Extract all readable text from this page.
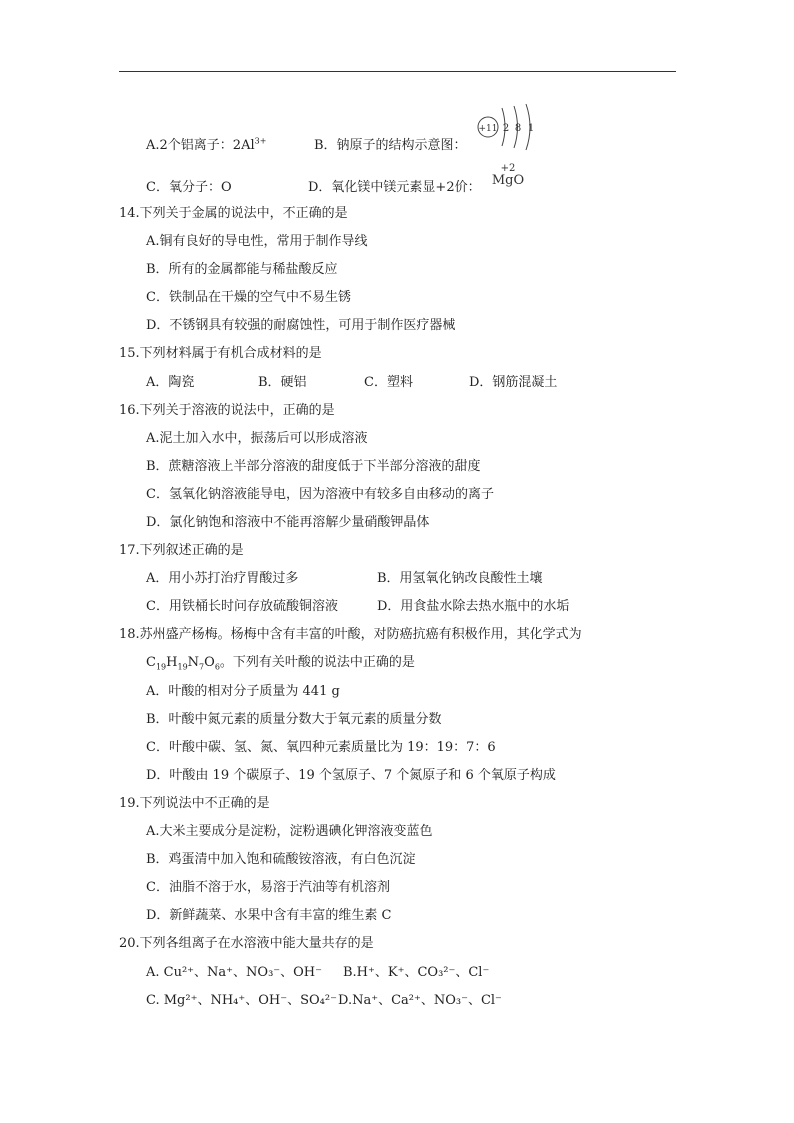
A.2个铝离子：$2Al^{3+}$	B．钠原子的结构示意图：
+11 2 8 1
C．氧分子：O	D．氧化镁中镁元素显+2价：
+2
MgO
14.下列关于金属的说法中，不正确的是
A.铜有良好的导电性，常用于制作导线
B．所有的金属都能与稀盐酸反应
C．铁制品在干燥的空气中不易生锈
D．不锈钢具有较强的耐腐蚀性，可用于制作医疗器械
15.下列材料属于有机合成材料的是
A．陶瓷	B．硬铝	C．塑料	D．钢筋混凝土
16.下列关于溶液的说法中，正确的是
A.泥土加入水中，振荡后可以形成溶液
B．蔗糖溶液上半部分溶液的甜度低于下半部分溶液的甜度
C．氢氧化钠溶液能导电，因为溶液中有较多自由移动的离子
D．氯化钠饱和溶液中不能再溶解少量硝酸钾晶体
17.下列叙述正确的是
A．用小苏打治疗胃酸过多	B．用氢氧化钠改良酸性土壤
C．用铁桶长时问存放硫酸铜溶液	D．用食盐水除去热水瓶中的水垢
18.苏州盛产杨梅。杨梅中含有丰富的叶酸，对防癌抗癌有积极作用，其化学式为
$C_{19}H_{19}N_7O_6$。下列有关叶酸的说法中正确的是
A．叶酸的相对分子质量为 441 g
B．叶酸中氮元素的质量分数大于氧元素的质量分数
C．叶酸中碳、氢、氮、氧四种元素质量比为 19：19：7：6
D．叶酸由 19 个碳原子、19 个氢原子、7 个氮原子和 6 个氧原子构成
19.下列说法中不正确的是
A.大米主要成分是淀粉，淀粉遇碘化钾溶液变蓝色
B．鸡蛋清中加入饱和硫酸铵溶液，有白色沉淀
C．油脂不溶于水，易溶于汽油等有机溶剂
D．新鲜蔬菜、水果中含有丰富的维生素 C
20.下列各组离子在水溶液中能大量共存的是
A. Cu²⁺、Na⁺、NO₃⁻、OH⁻ B.H⁺、K⁺、CO₃²⁻、Cl⁻
C. Mg²⁺、NH₄⁺、OH⁻、SO₄²⁻ D.Na⁺、Ca²⁺、NO₃⁻、Cl⁻
